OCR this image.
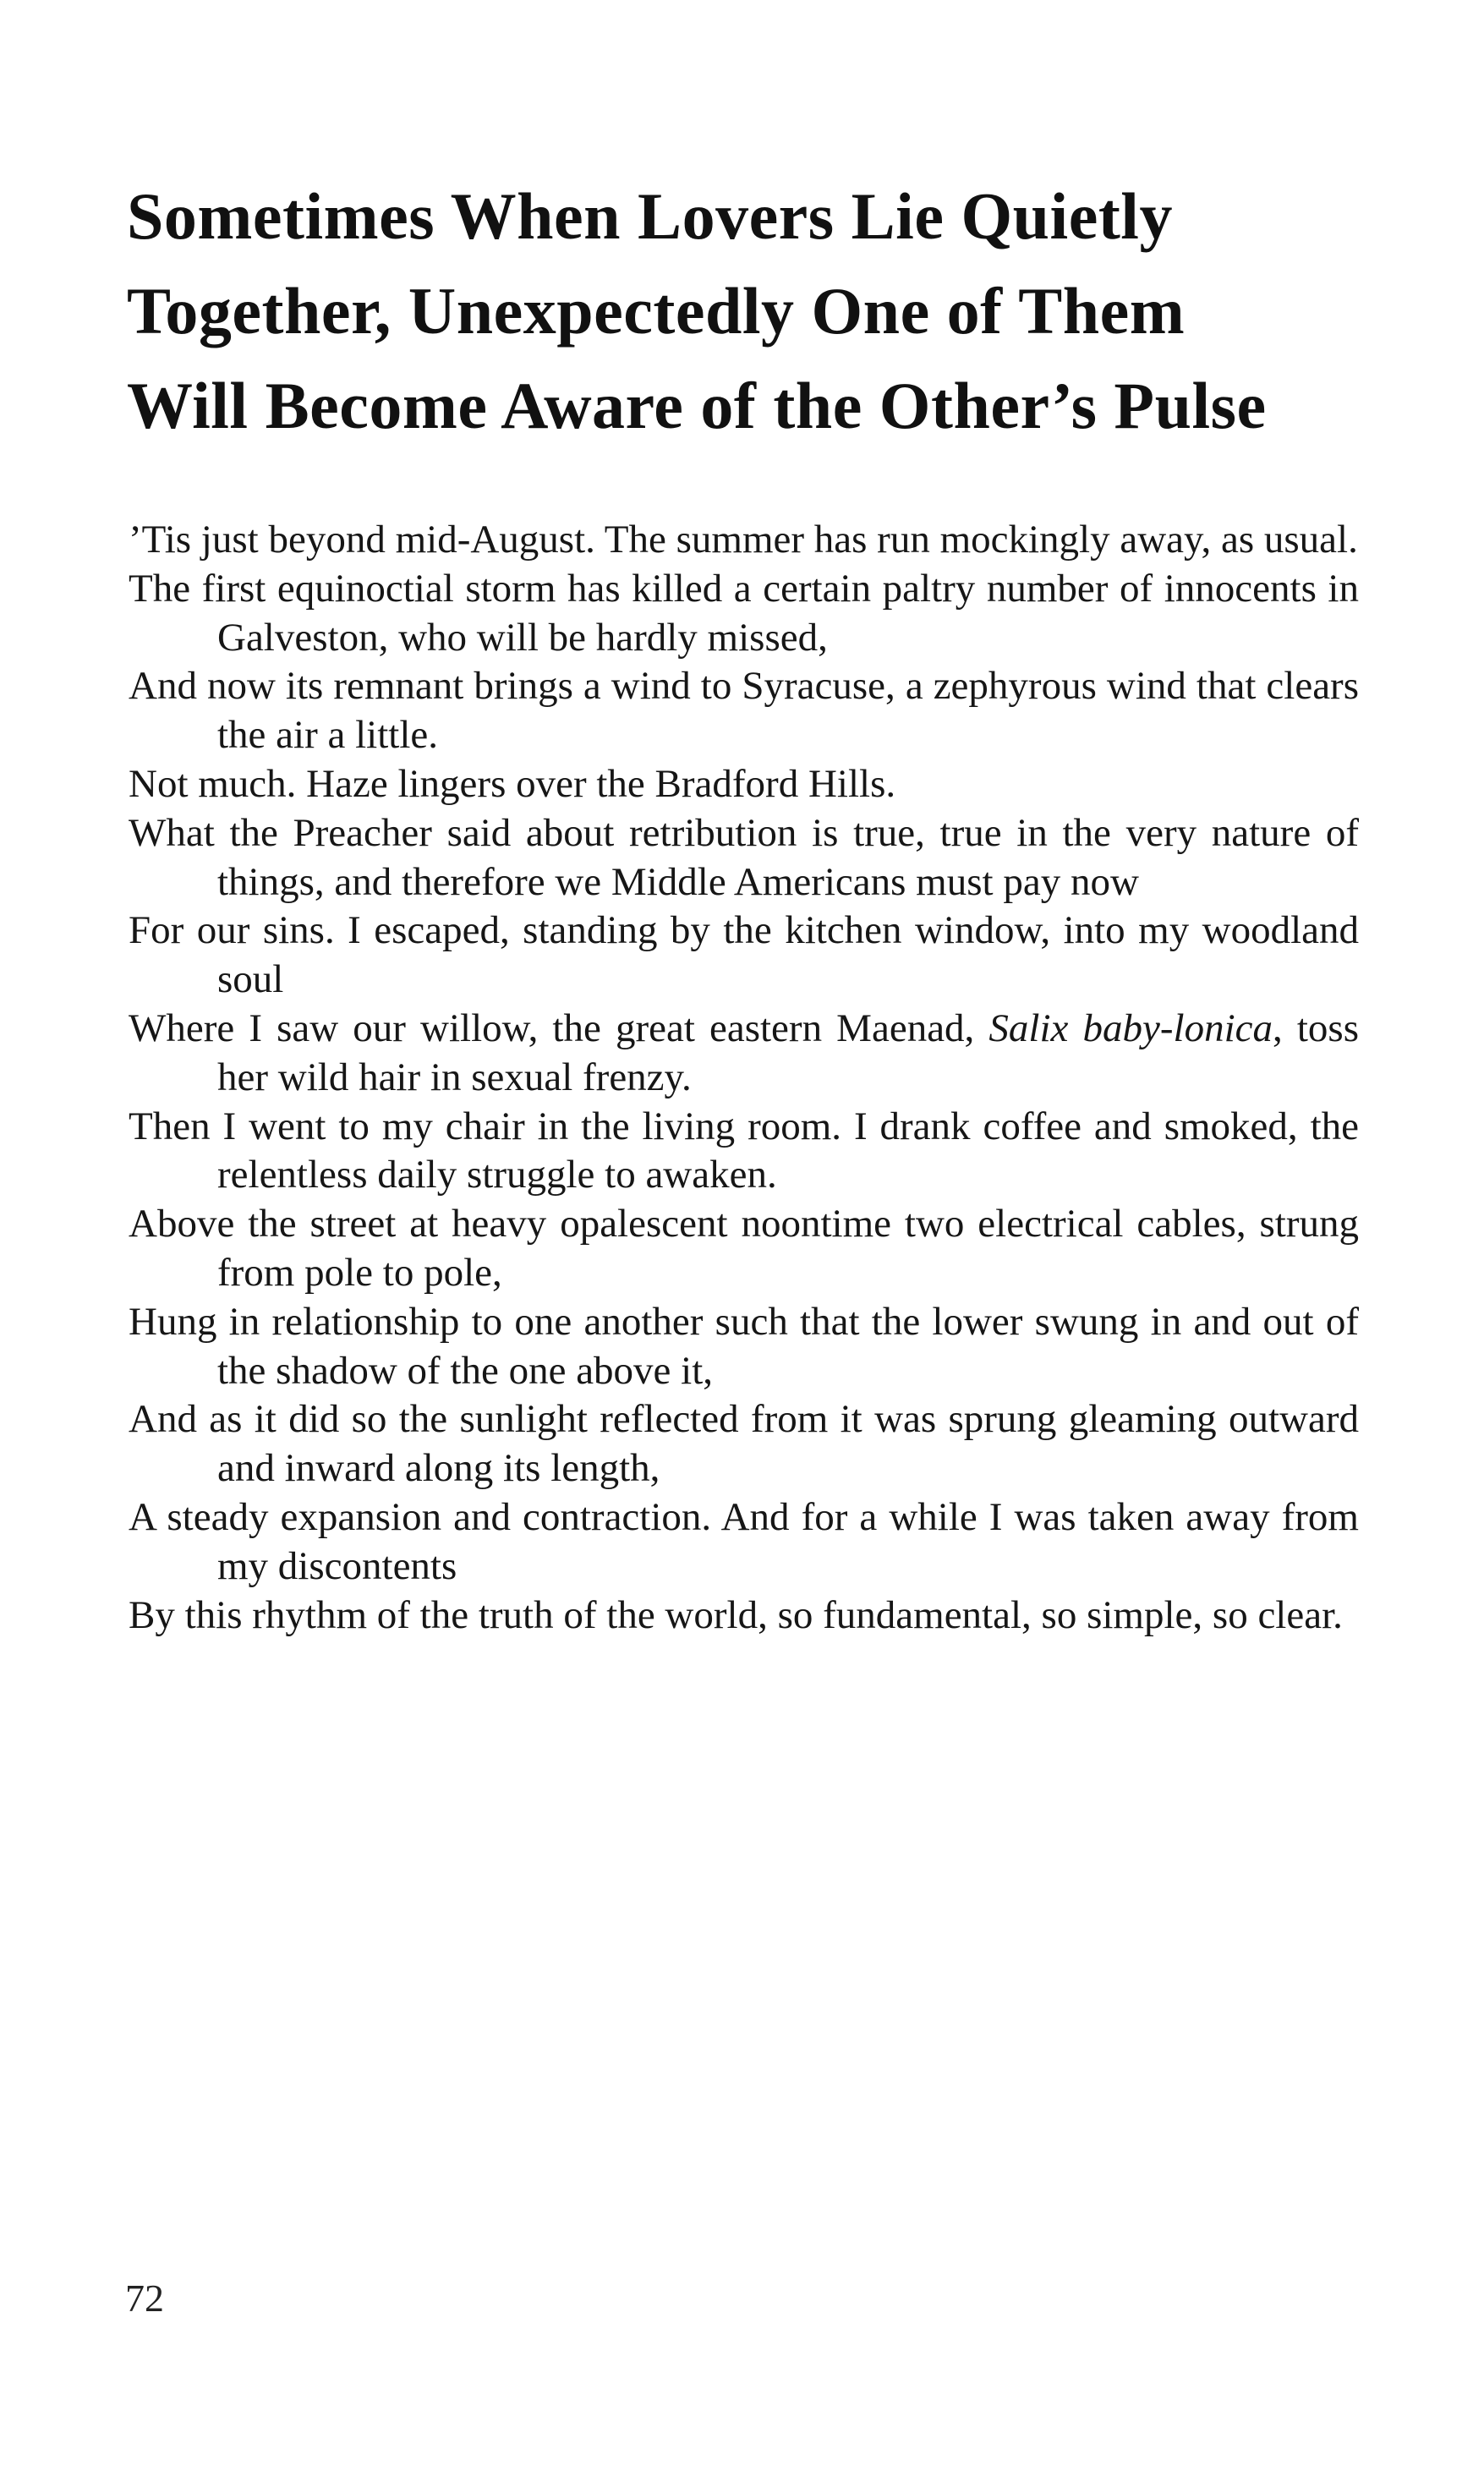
Sometimes When Lovers Lie Quietly
Together, Unexpectedly One of Them
Will Become Aware of the Other’s Pulse
’Tis just beyond mid-August. The summer has run mockingly away, as usual.
The first equinoctial storm has killed a certain paltry number of innocents in Galveston, who will be hardly missed,
And now its remnant brings a wind to Syracuse, a zephyrous wind that clears the air a little.
Not much. Haze lingers over the Bradford Hills.
What the Preacher said about retribution is true, true in the very nature of things, and therefore we Middle Americans must pay now
For our sins. I escaped, standing by the kitchen window, into my woodland soul
Where I saw our willow, the great eastern Maenad, Salix baby-lonica, toss her wild hair in sexual frenzy.
Then I went to my chair in the living room. I drank coffee and smoked, the relentless daily struggle to awaken.
Above the street at heavy opalescent noontime two electrical cables, strung from pole to pole,
Hung in relationship to one another such that the lower swung in and out of the shadow of the one above it,
And as it did so the sunlight reflected from it was sprung gleaming outward and inward along its length,
A steady expansion and contraction. And for a while I was taken away from my discontents
By this rhythm of the truth of the world, so fundamental, so simple, so clear.
72
